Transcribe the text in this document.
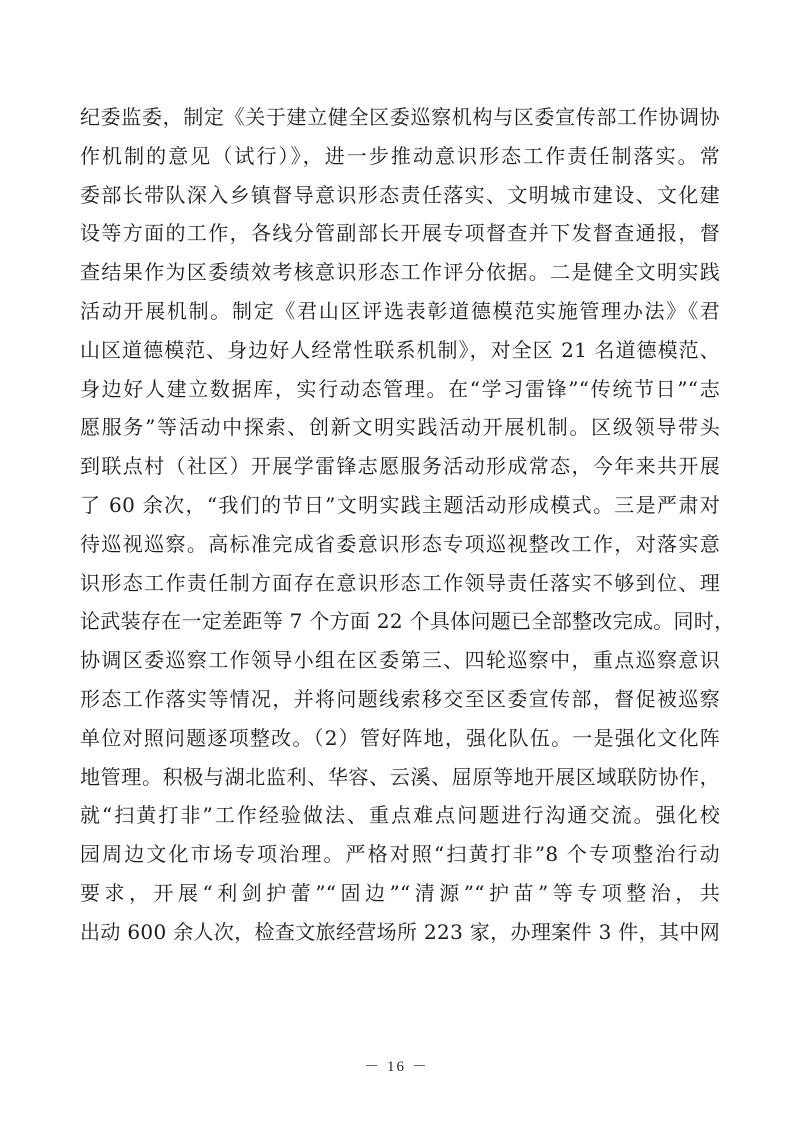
纪委监委，制定《关于建立健全区委巡察机构与区委宣传部工作协调协
作机制的意见（试行）》，进一步推动意识形态工作责任制落实。常
委部长带队深入乡镇督导意识形态责任落实、文明城市建设、文化建
设等方面的工作，各线分管副部长开展专项督查并下发督查通报，督
查结果作为区委绩效考核意识形态工作评分依据。二是健全文明实践
活动开展机制。制定《君山区评选表彰道德模范实施管理办法》《君
山区道德模范、身边好人经常性联系机制》，对全区 21 名道德模范、
身边好人建立数据库，实行动态管理。在“学习雷锋”“传统节日”“志
愿服务”等活动中探索、创新文明实践活动开展机制。区级领导带头
到联点村（社区）开展学雷锋志愿服务活动形成常态，今年来共开展
了 60 余次，“我们的节日”文明实践主题活动形成模式。三是严肃对
待巡视巡察。高标准完成省委意识形态专项巡视整改工作，对落实意
识形态工作责任制方面存在意识形态工作领导责任落实不够到位、理
论武装存在一定差距等 7 个方面 22 个具体问题已全部整改完成。同时，
协调区委巡察工作领导小组在区委第三、四轮巡察中，重点巡察意识
形态工作落实等情况，并将问题线索移交至区委宣传部，督促被巡察
单位对照问题逐项整改。（2）管好阵地，强化队伍。一是强化文化阵
地管理。积极与湖北监利、华容、云溪、屈原等地开展区域联防协作，
就“扫黄打非”工作经验做法、重点难点问题进行沟通交流。强化校
园周边文化市场专项治理。严格对照“扫黄打非”8 个专项整治行动
要求，开展“利剑护蕾”“固边”“清源”“护苗”等专项整治，共
出动 600 余人次，检查文旅经营场所 223 家，办理案件 3 件，其中网
－ 16 －
